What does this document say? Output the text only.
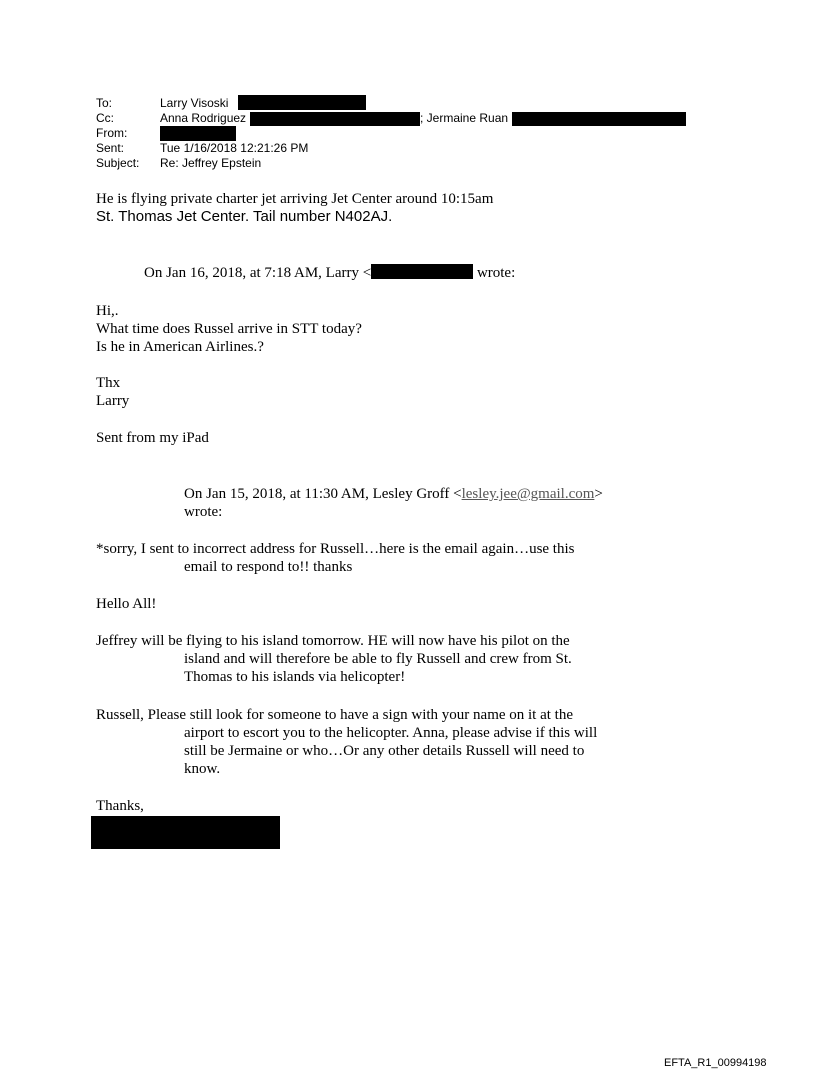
To:	Larry Visoski
Cc:	Anna Rodriguez	; Jermaine Ruan
From:
Sent:	Tue 1/16/2018 12:21:26 PM
Subject: Re: Jeffrey Epstein
He is flying private charter jet arriving Jet Center around 10:15am
St. Thomas Jet Center. Tail number N402AJ.
On Jan 16, 2018, at 7:18 AM, Larry <	wrote:
Hi,.
What time does Russel arrive in STT today?
Is he in American Airlines.?
Thx
Larry
Sent from my iPad
On Jan 15, 2018, at 11:30 AM, Lesley Groff <lesley.jee@gmail.com>
wrote:
*sorry, I sent to incorrect address for Russell…here is the email again…use this
email to respond to!! thanks
Hello All!
Jeffrey will be flying to his island tomorrow. HE will now have his pilot on the
island and will therefore be able to fly Russell and crew from St.
Thomas to his islands via helicopter!
Russell, Please still look for someone to have a sign with your name on it at the
airport to escort you to the helicopter. Anna, please advise if this will
still be Jermaine or who…Or any other details Russell will need to
know.
Thanks,
EFTA_R1_00994198
